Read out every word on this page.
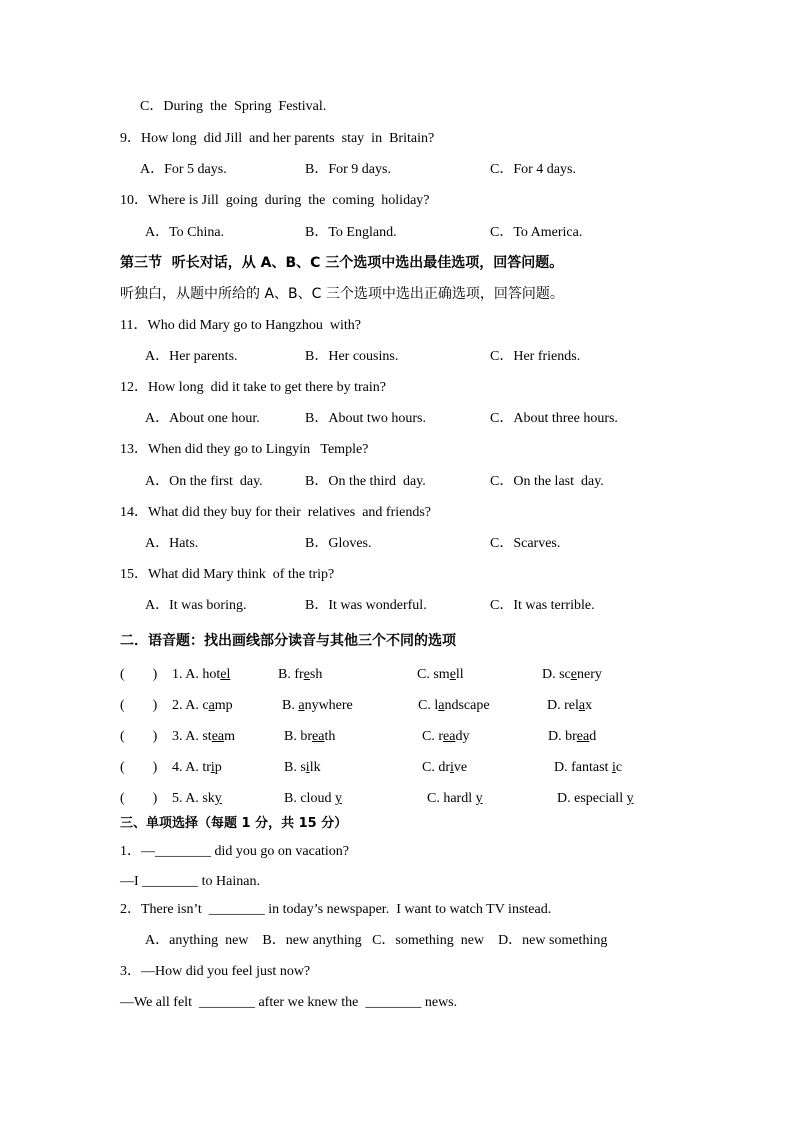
C．During  the  Spring  Festival.
9．How long  did Jill  and her parents  stay  in  Britain?
A．For 5 days.	B．For 9 days.	C．For 4 days.
10．Where is Jill  going  during  the  coming  holiday?
A．To China.	B．To England.	C．To America.
第三节  听长对话，从 A、B、C 三个选项中选出最佳选项，回答问题。
听独白，从题中所给的 A、B、C 三个选项中选出正确选项，回答问题。
11．Who did Mary go to Hangzhou  with?
A．Her parents.	B．Her cousins.	C．Her friends.
12．How long  did it take to get there by train?
A．About one hour.	B．About two hours.	C．About three hours.
13．When did they go to Lingyin   Temple?
A．On the first  day.	B．On the third  day.	C．On the last  day.
14．What did they buy for their  relatives  and friends?
A．Hats.	B．Gloves.	C．Scarves.
15．What did Mary think  of the trip?
A．It was boring.	B．It was wonderful.	C．It was terrible.
二．语音题：找出画线部分读音与其他三个不同的选项
(        ) 1. A. hotel	B. fresh	C. smell	D. scenery
(        ) 2. A. camp	B. anywhere	C. landscape	D. relax
(        ) 3. A. steam	B. breath	C. ready	D. bread
(        ) 4. A. trip	B. silk	C. drive	D. fantast ic
(        ) 5. A. sky	B. cloud y	C. hardl y	D. especiall y
三、单项选择（每题 1 分，共 15 分）
1．—________ did you go on vacation?
—I ________ to Hainan.
2．There isn’t  ________ in today’s newspaper.  I want to watch TV instead.
A．anything  new    B．new anything   C．something  new    D．new something
3．—How did you feel just now?
—We all felt  ________ after we knew the  ________ news.
